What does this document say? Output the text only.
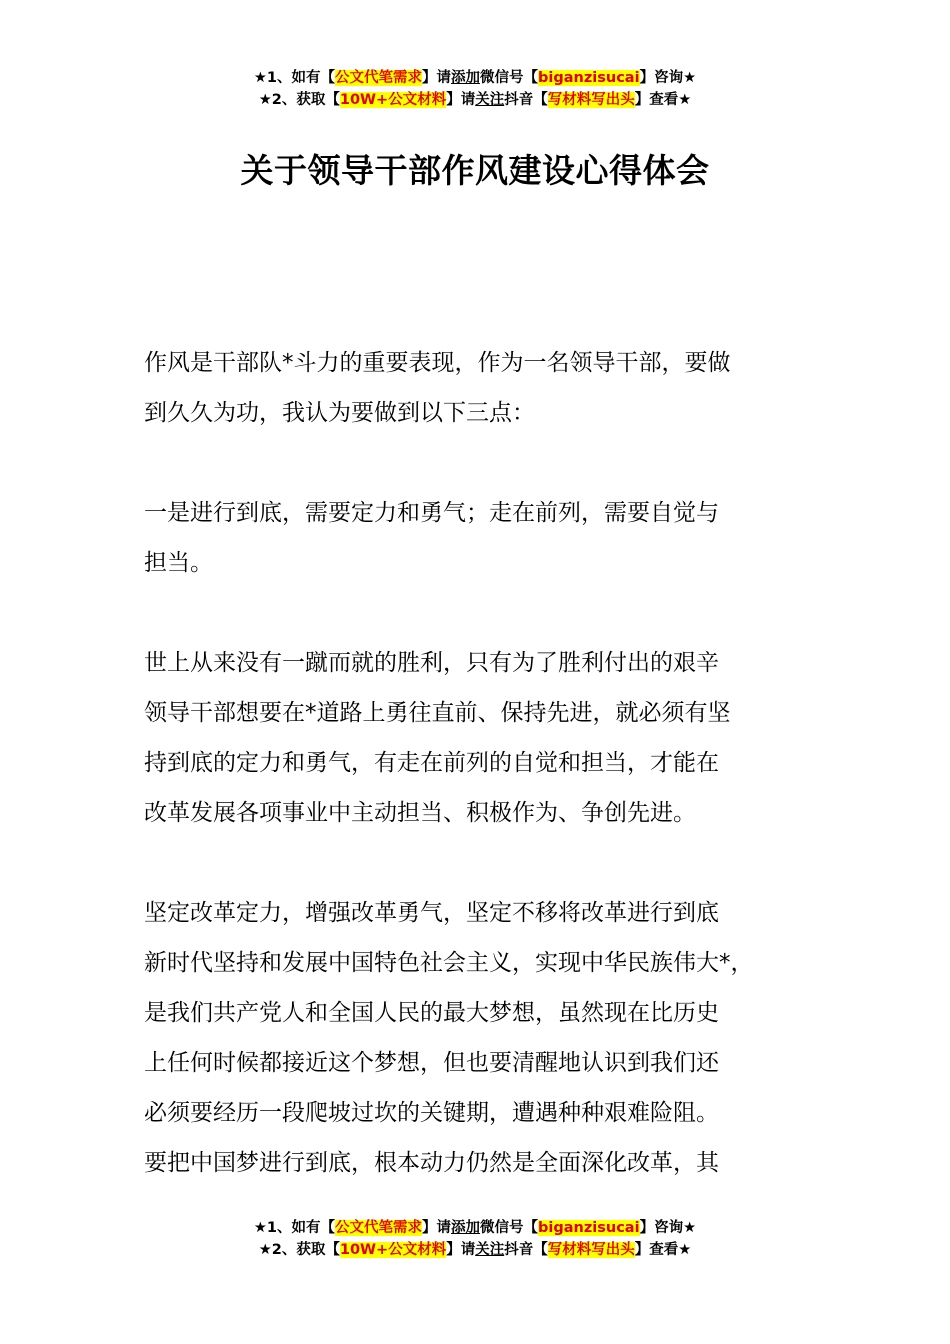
★1、如有【公文代笔需求】请添加微信号【biganzisucai】咨询★
★2、获取【10W+公文材料】请关注抖音【写材料写出头】查看★
关于领导干部作风建设心得体会
作风是干部队*斗力的重要表现，作为一名领导干部，要做
到久久为功，我认为要做到以下三点：
一是进行到底，需要定力和勇气；走在前列，需要自觉与
担当。
世上从来没有一蹴而就的胜利，只有为了胜利付出的艰辛
领导干部想要在*道路上勇往直前、保持先进，就必须有坚
持到底的定力和勇气，有走在前列的自觉和担当，才能在
改革发展各项事业中主动担当、积极作为、争创先进。
坚定改革定力，增强改革勇气，坚定不移将改革进行到底
新时代坚持和发展中国特色社会主义，实现中华民族伟大*，
是我们共产党人和全国人民的最大梦想，虽然现在比历史
上任何时候都接近这个梦想，但也要清醒地认识到我们还
必须要经历一段爬坡过坎的关键期，遭遇种种艰难险阻。
要把中国梦进行到底，根本动力仍然是全面深化改革，其
★1、如有【公文代笔需求】请添加微信号【biganzisucai】咨询★
★2、获取【10W+公文材料】请关注抖音【写材料写出头】查看★
